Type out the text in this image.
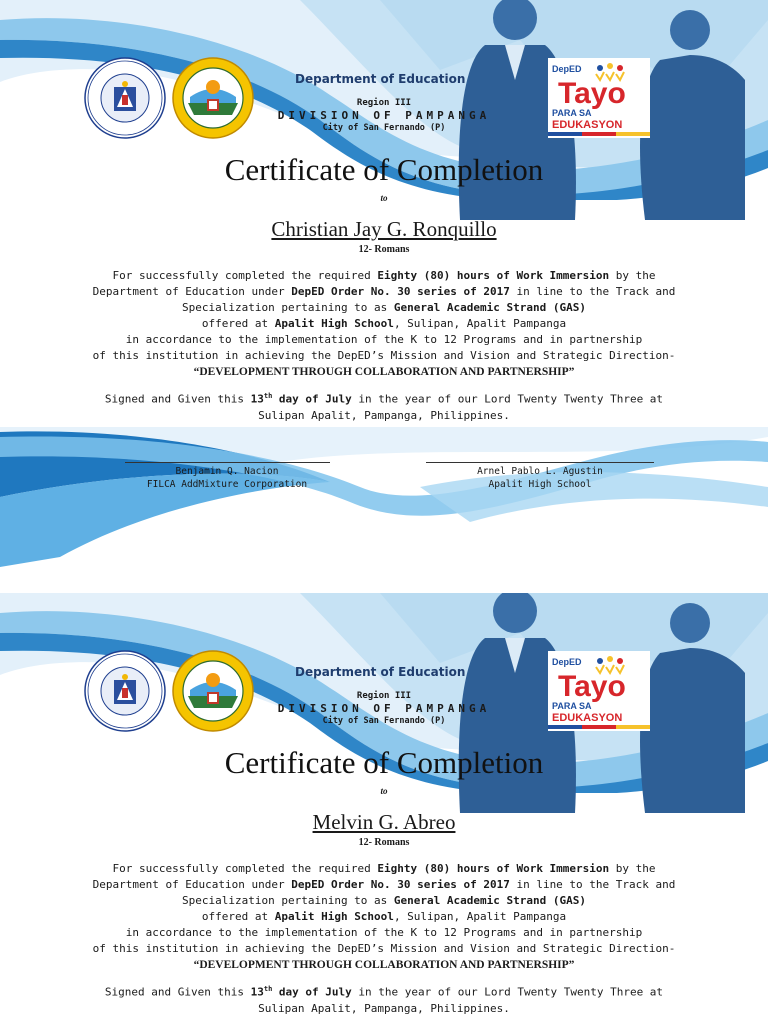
DepED
Tayo
PARA SA
EDUKASYON
Department of Education
Region III
DIVISION OF PAMPANGA
City of San Fernando (P)
Certificate of Completion
to
Christian Jay G. Ronquillo
12- Romans
For successfully completed the required Eighty (80) hours of Work Immersion by the
Department of Education under DepED Order No. 30 series of 2017 in line to the Track and
Specialization pertaining to as General Academic Strand (GAS)
offered at Apalit High School, Sulipan, Apalit Pampanga
in accordance to the implementation of the K to 12 Programs and in partnership
of this institution in achieving the DepED’s Mission and Vision and Strategic Direction-
“DEVELOPMENT THROUGH COLLABORATION AND PARTNERSHIP”
Signed and Given this 13th day of July in the year of our Lord Twenty Twenty Three at
Sulipan Apalit, Pampanga, Philippines.
Benjamin Q. Nacion
FILCA AddMixture Corporation
Arnel Pablo L. Agustin
Apalit High School
DepED
Tayo
PARA SA
EDUKASYON
Department of Education
Region III
DIVISION OF PAMPANGA
City of San Fernando (P)
Certificate of Completion
to
Melvin G. Abreo
12- Romans
For successfully completed the required Eighty (80) hours of Work Immersion by the
Department of Education under DepED Order No. 30 series of 2017 in line to the Track and
Specialization pertaining to as General Academic Strand (GAS)
offered at Apalit High School, Sulipan, Apalit Pampanga
in accordance to the implementation of the K to 12 Programs and in partnership
of this institution in achieving the DepED’s Mission and Vision and Strategic Direction-
“DEVELOPMENT THROUGH COLLABORATION AND PARTNERSHIP”
Signed and Given this 13th day of July in the year of our Lord Twenty Twenty Three at
Sulipan Apalit, Pampanga, Philippines.
